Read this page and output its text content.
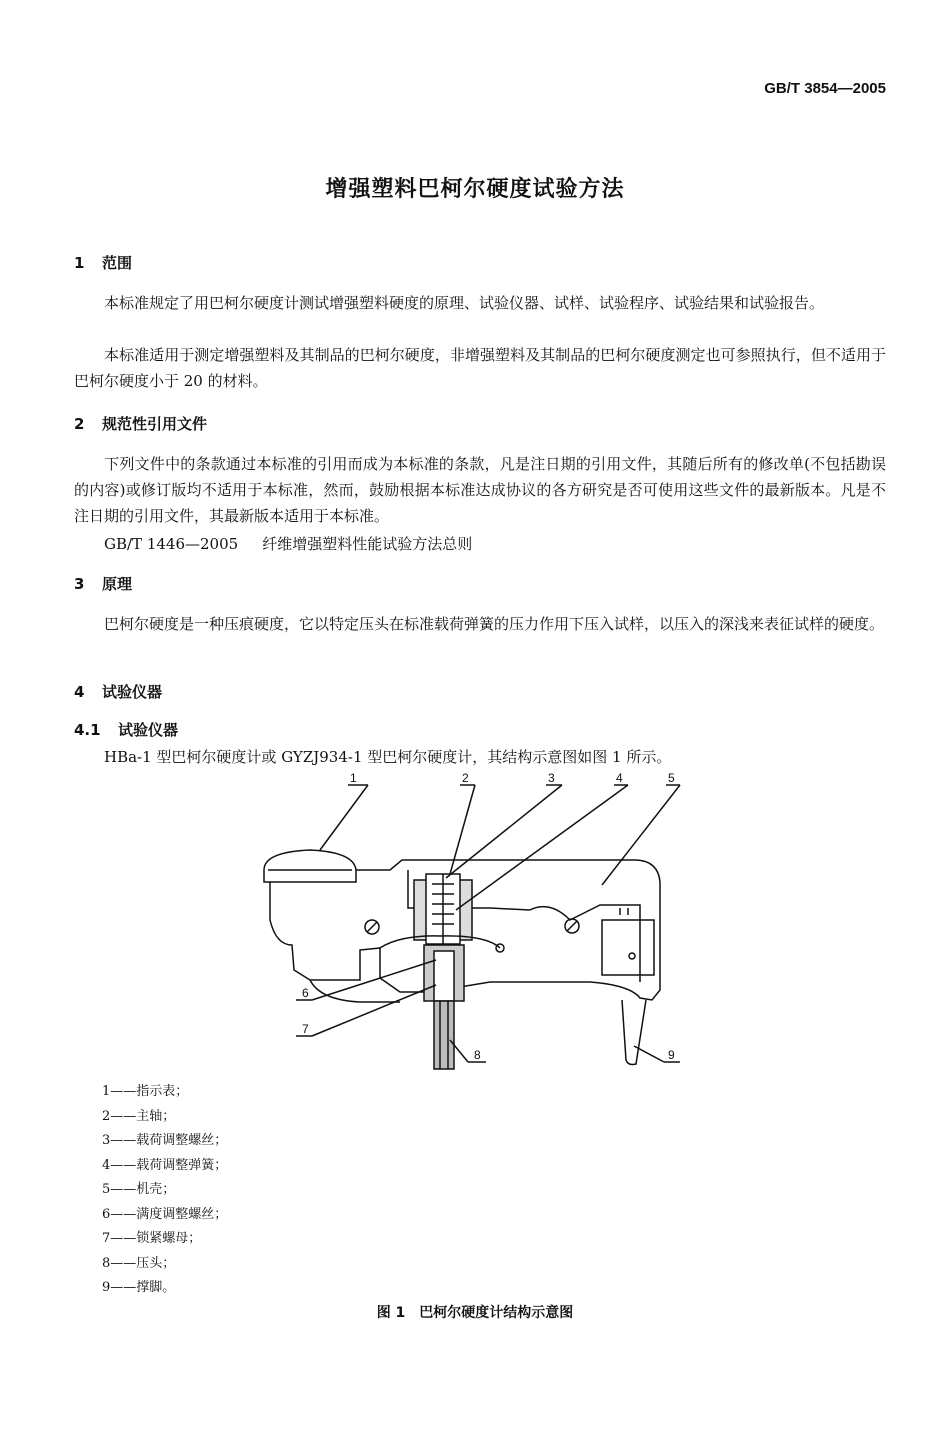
GB/T 3854—2005
增强塑料巴柯尔硬度试验方法
1 范围
本标准规定了用巴柯尔硬度计测试增强塑料硬度的原理、试验仪器、试样、试验程序、试验结果和试验报告。
本标准适用于测定增强塑料及其制品的巴柯尔硬度，非增强塑料及其制品的巴柯尔硬度测定也可参照执行，但不适用于巴柯尔硬度小于 20 的材料。
2 规范性引用文件
下列文件中的条款通过本标准的引用而成为本标准的条款，凡是注日期的引用文件，其随后所有的修改单(不包括勘误的内容)或修订版均不适用于本标准，然而，鼓励根据本标准达成协议的各方研究是否可使用这些文件的最新版本。凡是不注日期的引用文件，其最新版本适用于本标准。
GB/T 1446—2005 纤维增强塑料性能试验方法总则
3 原理
巴柯尔硬度是一种压痕硬度，它以特定压头在标准载荷弹簧的压力作用下压入试样，以压入的深浅来表征试样的硬度。
4 试验仪器
4.1 试验仪器
HBa-1 型巴柯尔硬度计或 GYZJ934-1 型巴柯尔硬度计，其结构示意图如图 1 所示。
1	2	3	4	5
6
7
8	9
1——指示表；
2——主轴；
3——载荷调整螺丝；
4——载荷调整弹簧；
5——机壳；
6——满度调整螺丝；
7——锁紧螺母；
8——压头；
9——撑脚。
图 1　巴柯尔硬度计结构示意图
